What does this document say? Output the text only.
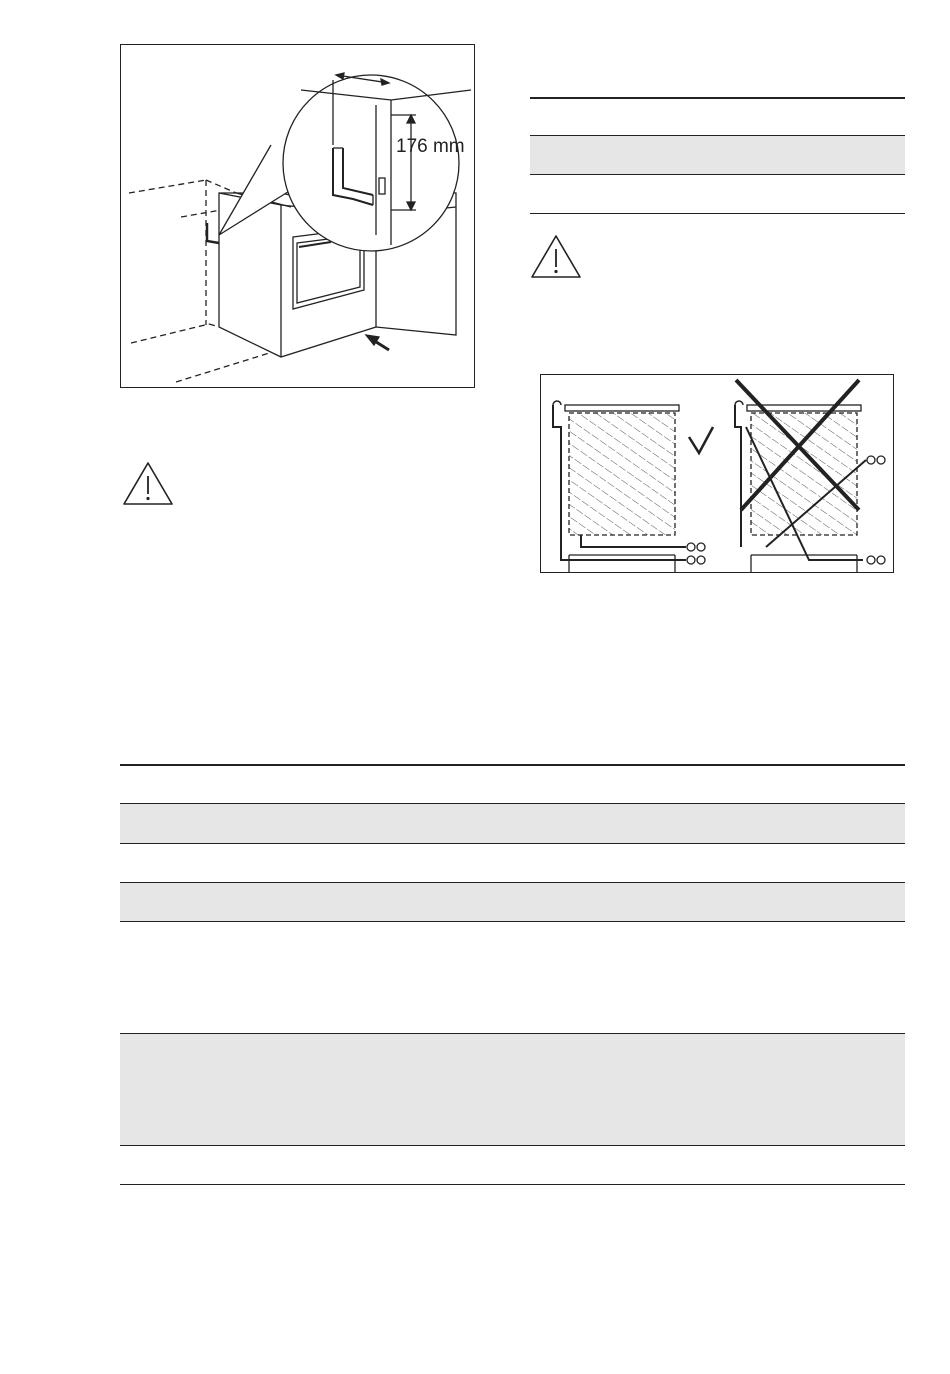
176 mm
